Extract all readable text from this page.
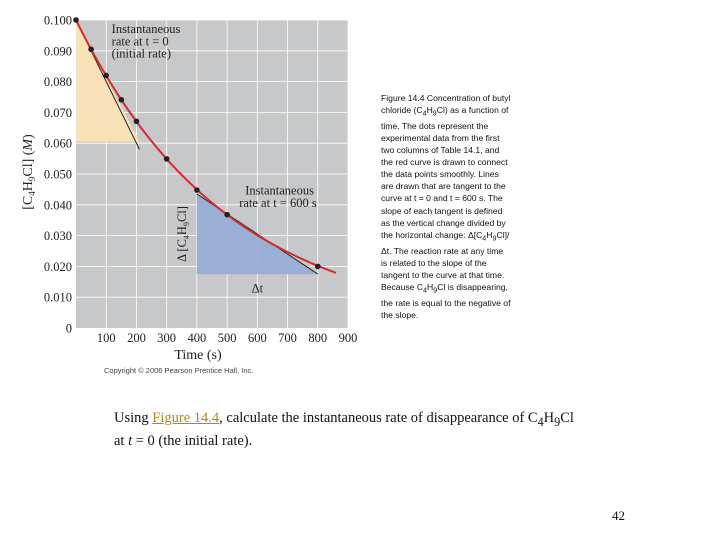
0
0.010
0.020
0.030
0.040
0.050
0.060
0.070
0.080
0.090
0.100
100 200 300 400 500 600 700 800 900
Time (s)
$[C_4H_9Cl]$ (M)
Instantaneous
rate at t = 0
(initial rate)
Instantaneous
rate at t = 600 s
Δt
Δ $[C_4H_9Cl]$
Copyright © 2006 Pearson Prentice Hall, Inc.
Figure 14.4 Concentration of butyl chloride $(C_4H_9Cl)$ as a function of time. The dots represent the experimental data from the first two columns of Table 14.1, and the red curve is drawn to connect the data points smoothly. Lines are drawn that are tangent to the curve at t = 0 and t = 600 s. The slope of each tangent is defined as the vertical change divided by the horizontal change: $\Delta[C_4H_9Cl]/\Delta t$. The reaction rate at any time is related to the slope of the tangent to the curve at that time. Because $C_4H_9Cl$ is disappearing, the rate is equal to the negative of the slope.
Using Figure 14.4, calculate the instantaneous rate of disappearance of $C_4H_9Cl$ at t = 0 (the initial rate).
42
